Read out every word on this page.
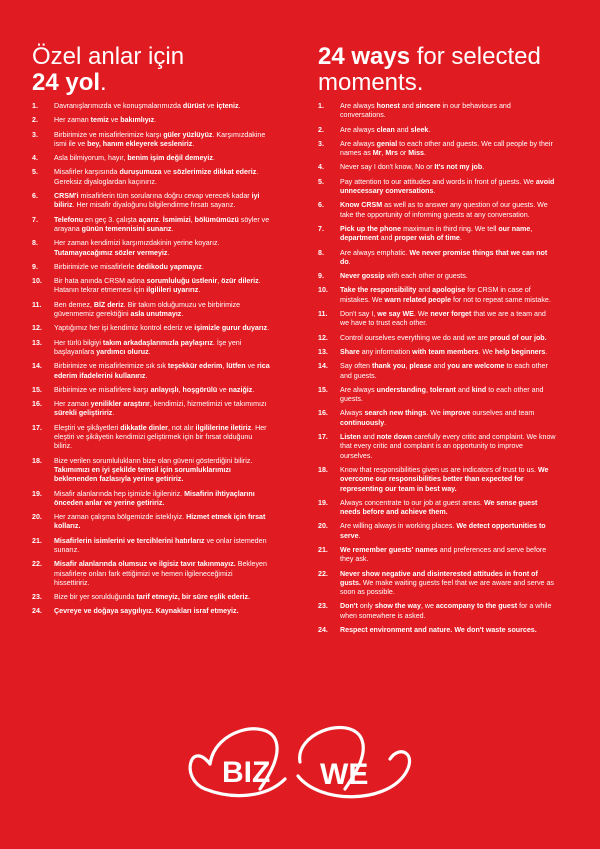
Özel anlar için
24 yol.
1.	Davranışlarımızda ve konuşmalarımızda dürüst ve içteniz.
2.	Her zaman temiz ve bakımlıyız.
3.	Birbirimize ve misafirlerimize karşı güler yüzlüyüz. Karşımızdakine ismi ile ve bey, hanım ekleyerek sesleniriz.
4.	Asla bilmiyorum, hayır, benim işim değil demeyiz.
5.	Misafirler karşısında duruşumuza ve sözlerimize dikkat ederiz. Gereksiz diyaloglardan kaçınırız.
6.	CRSM'i misafirlerin tüm sorularına doğru cevap verecek kadar iyi biliriz. Her misafir diyaloğunu bilgilendirme fırsatı sayarız.
7.	Telefonu en geç 3. çalışta açarız. İsmimizi, bölümümüzü söyler ve arayana günün temennisini sunarız.
8.	Her zaman kendimizi karşımızdakinin yerine koyarız. Tutamayacağımız sözler vermeyiz.
9.	Birbirimizle ve misafirlerle dedikodu yapmayız.
10.	Bir hata anında CRSM adına sorumluluğu üstlenir, özür dileriz. Hatanın tekrar etmemesi için ilgilileri uyarırız.
11.	Ben demez, BİZ deriz. Bir takım olduğumuzu ve birbirimize güvenmemiz gerektiğini asla unutmayız.
12.	Yaptığımız her işi kendimiz kontrol ederiz ve işimizle gurur duyarız.
13.	Her türlü bilgiyi takım arkadaşlarımızla paylaşırız. İşe yeni başlayanlara yardımcı oluruz.
14.	Birbirimize ve misafirlerimize sık sık teşekkür ederim, lütfen ve rica ederim ifadelerini kullanırız.
15.	Birbirimize ve misafirlere karşı anlayışlı, hoşgörülü ve naziğiz.
16.	Her zaman yenilikler araştırır, kendimizi, hizmetimizi ve takımımızı sürekli geliştiririz.
17.	Eleştiri ve şikâyetleri dikkatle dinler, not alır ilgililerine iletiriz. Her eleştiri ve şikâyetin kendimizi geliştirmek için bir fırsat olduğunu biliriz.
18.	Bize verilen sorumlulukların bize olan güveni gösterdiğini biliriz. Takımımızı en iyi şekilde temsil için sorumluklarımızı beklenenden fazlasıyla yerine getiririz.
19.	Misafir alanlarında hep işimizle ilgileniriz. Misafirin ihtiyaçlarını önceden anlar ve yerine getiririz.
20.	Her zaman çalışma bölgemizde isteklıyiz. Hizmet etmek için fırsat kollarız.
21.	Misafirlerin isimlerini ve tercihlerini hatırlarız ve onlar istemeden sunarız.
22.	Misafir alanlarında olumsuz ve ilgisiz tavır takınmayız. Bekleyen misafirlere onları fark ettiğimizi ve hemen ilgileneceğimizi hissettiririz.
23.	Bize bir yer sorulduğunda tarif etmeyiz, bir süre eşlik ederiz.
24.	Çevreye ve doğaya saygılıyız. Kaynakları israf etmeyiz.
24 ways for selected
moments.
1.	Are always honest and sincere in our behaviours and conversations.
2.	Are always clean and sleek.
3.	Are always genial to each other and guests. We call people by their names as Mr, Mrs or Miss.
4.	Never say I don't know, No or It's not my job.
5.	Pay attention to our attitudes and words in front of guests. We avoid unnecessary conversations.
6.	Know CRSM as well as to answer any question of our guests. We take the opportunity of informing guests at any conversation.
7.	Pick up the phone maximum in third ring. We tell our name, department and proper wish of time.
8.	Are always emphatic. We never promise things that we can not do.
9.	Never gossip with each other or guests.
10.	Take the responsibility and apologise for CRSM in case of mistakes. We warn related people for not to repeat same mistake.
11.	Don't say I, we say WE. We never forget that we are a team and we have to trust each other.
12.	Control ourselves everything we do and we are proud of our job.
13.	Share any information with team members. We help beginners.
14.	Say often thank you, please and you are welcome to each other and guests.
15.	Are always understanding, tolerant and kind to each other and guests.
16.	Always search new things. We improve ourselves and team continuously.
17.	Listen and note down carefully every critic and complaint. We know that every critic and complaint is an opportunity to improve ourselves.
18.	Know that responsibilities given us are indicators of trust to us. We overcome our responsibilities better than expected for representing our team in best way.
19.	Always concentrate to our job at guest areas. We sense guest needs before and achieve them.
20.	Are willing always in working places. We detect opportunities to serve.
21.	We remember guests' names and preferences and serve before they ask.
22.	Never show negative and disinterested attitudes in front of gusts. We make waiting guests feel that we are aware and serve as soon as possible.
23.	Don't only show the way, we accompany to the guest for a while when somewhere is asked.
24.	Respect environment and nature. We don't waste sources.
BIZ WE
